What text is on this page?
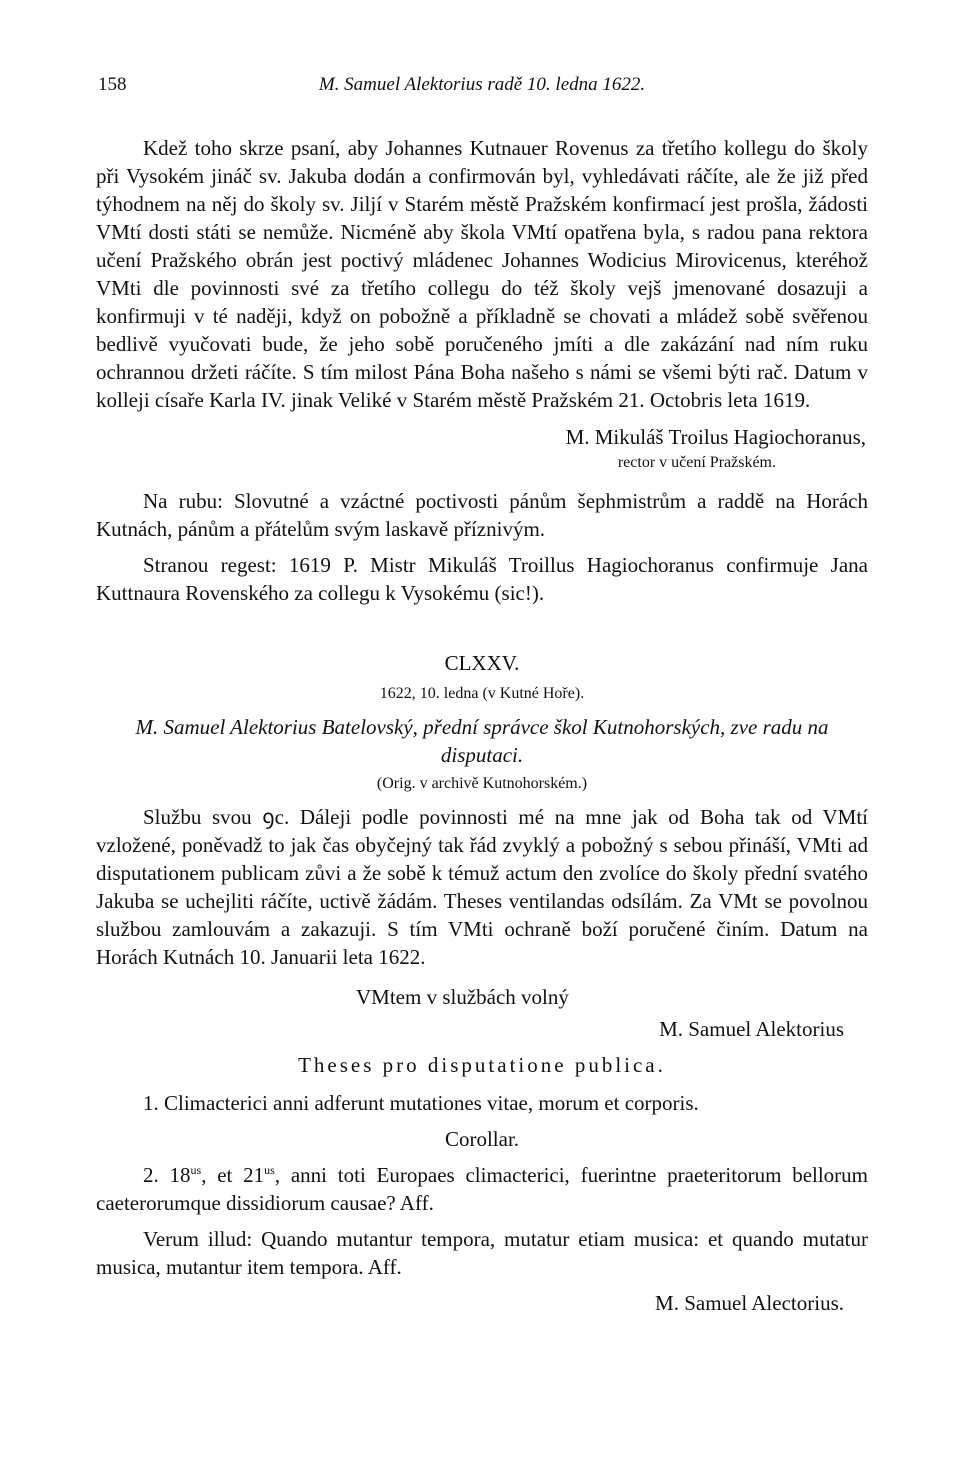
158	M. Samuel Alektorius radě 10. ledna 1622.

Kdež toho skrze psaní, aby Johannes Kutnauer Rovenus za třetího kollegu do školy při Vysokém jináč sv. Jakuba dodán a confirmován byl, vyhledávati ráčíte, ale že již před týhodnem na něj do školy sv. Jiljí v Starém městě Pražském konfirmací jest prošla, žádosti VMtí dosti státi se nemůže. Nicméně aby škola VMtí opatřena byla, s radou pana rektora učení Pražského obrán jest poctivý mládenec Johannes Wodicius Mirovicenus, kteréhož VMti dle povinnosti své za třetího collegu do též školy vejš jmenované dosazuji a konfirmuji v té naději, když on pobožně a příkladně se chovati a mládež sobě svěřenou bedlivě vyučovati bude, že jeho sobě poručeného jmíti a dle zakázání nad ním ruku ochrannou držeti ráčíte. S tím milost Pána Boha našeho s námi se všemi býti rač. Datum v kolleji císaře Karla IV. jinak Veliké v Starém městě Pražském 21. Octobris leta 1619.

M. Mikuláš Troilus Hagiochoranus,
rector v učení Pražském.

Na rubu: Slovutné a vzáctné poctivosti pánům šephmistrům a raddě na Horách Kutnách, pánům a přátelům svým laskavě příznivým.

Stranou regest: 1619 P. Mistr Mikuláš Troillus Hagiochoranus confirmuje Jana Kuttnaura Rovenského za collegu k Vysokému (sic!).

CLXXV.
1622, 10. ledna (v Kutné Hoře).
M. Samuel Alektorius Batelovský, přední správce škol Kutnohorských, zve radu na disputaci.
(Orig. v archivě Kutnohorském.)

Službu svou ꝯc. Dáleji podle povinnosti mé na mne jak od Boha tak od VMtí vzložené, poněvadž to jak čas obyčejný tak řád zvyklý a pobožný s sebou přináší, VMti ad disputationem publicam zůvi a že sobě k témuž actum den zvolíce do školy přední svatého Jakuba se uchejliti ráčíte, uctivě žádám. Theses ventilandas odsílám. Za VMt se povolnou službou zamlouvám a zakazuji. S tím VMti ochraně boží poručené činím. Datum na Horách Kutnách 10. Januarii leta 1622.

VMtem v službách volný
M. Samuel Alektorius
Theses pro disputatione publica.

1. Climacterici anni adferunt mutationes vitae, morum et corporis.

Corollar.

2. $18^{us}$, et $21^{us}$, anni toti Europaes climacterici, fuerintne praeteritorum bellorum caeterorumque dissidiorum causae? Aff.

Verum illud: Quando mutantur tempora, mutatur etiam musica: et quando mutatur musica, mutantur item tempora. Aff.

M. Samuel Alectorius.
